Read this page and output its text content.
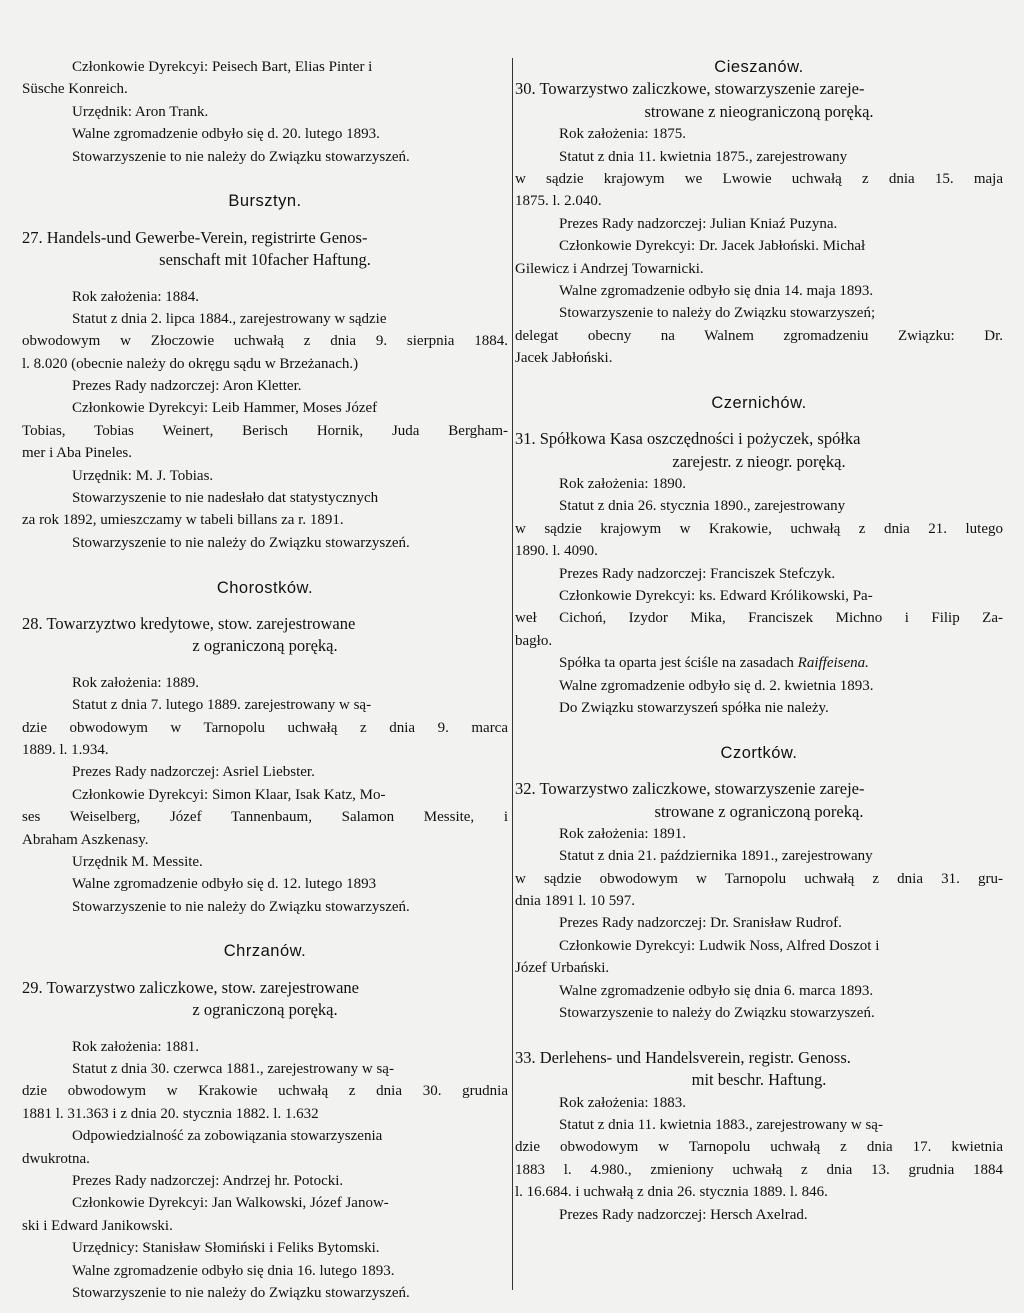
Członkowie Dyrekcyi: Peisech Bart, Elias Pinter i
Süsche Konreich.
Urzędnik: Aron Trank.
Walne zgromadzenie odbyło się d. 20. lutego 1893.
Stowarzyszenie to nie należy do Związku stowarzyszeń.
Bursztyn.
27. Handels-und Gewerbe-Verein, registrirte Genos-
senschaft mit 10facher Haftung.
Rok założenia: 1884.
Statut z dnia 2. lipca 1884., zarejestrowany w sądzie
obwodowym w Złoczowie uchwałą z dnia 9. sierpnia 1884.
l. 8.020 (obecnie należy do okręgu sądu w Brzeżanach.)
Prezes Rady nadzorczej: Aron Kletter.
Członkowie Dyrekcyi: Leib Hammer, Moses Józef
Tobias, Tobias Weinert, Berisch Hornik, Juda Bergham-
mer i Aba Pineles.
Urzędnik: M. J. Tobias.
Stowarzyszenie to nie nadesłało dat statystycznych
za rok 1892, umieszczamy w tabeli billans za r. 1891.
Stowarzyszenie to nie należy do Związku stowarzyszeń.
Chorostków.
28. Towarzyztwo kredytowe, stow. zarejestrowane
z ograniczoną poręką.
Rok założenia: 1889.
Statut z dnia 7. lutego 1889. zarejestrowany w są-
dzie obwodowym w Tarnopolu uchwałą z dnia 9. marca
1889. l. 1.934.
Prezes Rady nadzorczej: Asriel Liebster.
Członkowie Dyrekcyi: Simon Klaar, Isak Katz, Mo-
ses Weiselberg, Józef Tannenbaum, Salamon Messite, i
Abraham Aszkenasy.
Urzędnik M. Messite.
Walne zgromadzenie odbyło się d. 12. lutego 1893
Stowarzyszenie to nie należy do Związku stowarzyszeń.
Chrzanów.
29. Towarzystwo zaliczkowe, stow. zarejestrowane
z ograniczoną poręką.
Rok założenia: 1881.
Statut z dnia 30. czerwca 1881., zarejestrowany w są-
dzie obwodowym w Krakowie uchwałą z dnia 30. grudnia
1881 l. 31.363 i z dnia 20. stycznia 1882. l. 1.632
Odpowiedzialność za zobowiązania stowarzyszenia
dwukrotna.
Prezes Rady nadzorczej: Andrzej hr. Potocki.
Członkowie Dyrekcyi: Jan Walkowski, Józef Janow-
ski i Edward Janikowski.
Urzędnicy: Stanisław Słomiński i Feliks Bytomski.
Walne zgromadzenie odbyło się dnia 16. lutego 1893.
Stowarzyszenie to nie należy do Związku stowarzyszeń.
Cieszanów.
30. Towarzystwo zaliczkowe, stowarzyszenie zareje-
strowane z nieograniczoną poręką.
Rok założenia: 1875.
Statut z dnia 11. kwietnia 1875., zarejestrowany
w sądzie krajowym we Lwowie uchwałą z dnia 15. maja
1875. l. 2.040.
Prezes Rady nadzorczej: Julian Kniaź Puzyna.
Członkowie Dyrekcyi: Dr. Jacek Jabłoński. Michał
Gilewicz i Andrzej Towarnicki.
Walne zgromadzenie odbyło się dnia 14. maja 1893.
Stowarzyszenie to należy do Związku stowarzyszeń;
delegat obecny na Walnem zgromadzeniu Związku: Dr.
Jacek Jabłoński.
Czernichów.
31. Spółkowa Kasa oszczędności i pożyczek, spółka
zarejestr. z nieogr. poręką.
Rok założenia: 1890.
Statut z dnia 26. stycznia 1890., zarejestrowany
w sądzie krajowym w Krakowie, uchwałą z dnia 21. lutego
1890. l. 4090.
Prezes Rady nadzorczej: Franciszek Stefczyk.
Członkowie Dyrekcyi: ks. Edward Królikowski, Pa-
weł Cichoń, Izydor Mika, Franciszek Michno i Filip Za-
bagło.
Spółka ta oparta jest ściśle na zasadach Raiffeisena.
Walne zgromadzenie odbyło się d. 2. kwietnia 1893.
Do Związku stowarzyszeń spółka nie należy.
Czortków.
32. Towarzystwo zaliczkowe, stowarzyszenie zareje-
strowane z ograniczoną poreką.
Rok założenia: 1891.
Statut z dnia 21. października 1891., zarejestrowany
w sądzie obwodowym w Tarnopolu uchwałą z dnia 31. gru-
dnia 1891 l. 10 597.
Prezes Rady nadzorczej: Dr. Sranisław Rudrof.
Członkowie Dyrekcyi: Ludwik Noss, Alfred Doszot i
Józef Urbański.
Walne zgromadzenie odbyło się dnia 6. marca 1893.
Stowarzyszenie to należy do Związku stowarzyszeń.
33. Derlehens- und Handelsverein, registr. Genoss.
mit beschr. Haftung.
Rok założenia: 1883.
Statut z dnia 11. kwietnia 1883., zarejestrowany w są-
dzie obwodowym w Tarnopolu uchwałą z dnia 17. kwietnia
1883 l. 4.980., zmieniony uchwałą z dnia 13. grudnia 1884
l. 16.684. i uchwałą z dnia 26. stycznia 1889. l. 846.
Prezes Rady nadzorczej: Hersch Axelrad.
